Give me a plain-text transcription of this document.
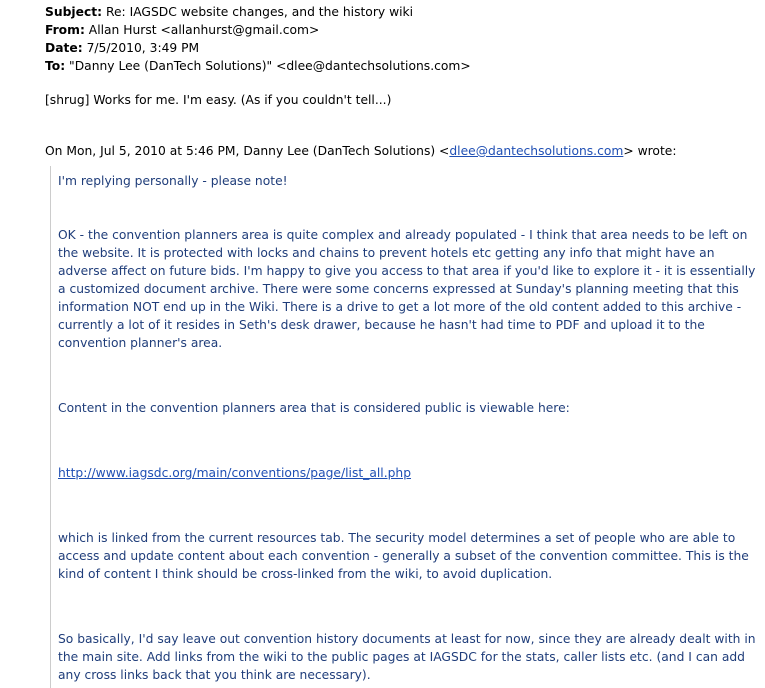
Subject: Re: IAGSDC website changes, and the history wiki
From: Allan Hurst <allanhurst@gmail.com>
Date: 7/5/2010, 3:49 PM
To: "Danny Lee (DanTech Solutions)" <dlee@dantechsolutions.com>
[shrug] Works for me. I'm easy. (As if you couldn't tell...)
On Mon, Jul 5, 2010 at 5:46 PM, Danny Lee (DanTech Solutions) <dlee@dantechsolutions.com> wrote:

I'm replying personally - please note!

OK - the convention planners area is quite complex and already populated - I think that area needs to be left on the website. It is protected with locks and chains to prevent hotels etc getting any info that might have an adverse affect on future bids. I'm happy to give you access to that area if you'd like to explore it - it is essentially a customized document archive. There were some concerns expressed at Sunday's planning meeting that this information NOT end up in the Wiki. There is a drive to get a lot more of the old content added to this archive - currently a lot of it resides in Seth's desk drawer, because he hasn't had time to PDF and upload it to the convention planner's area.

Content in the convention planners area that is considered public is viewable here:

http://www.iagsdc.org/main/conventions/page/list_all.php

which is linked from the current resources tab. The security model determines a set of people who are able to access and update content about each convention - generally a subset of the convention committee. This is the kind of content I think should be cross-linked from the wiki, to avoid duplication.

So basically, I'd say leave out convention history documents at least for now, since they are already dealt with in the main site. Add links from the wiki to the public pages at IAGSDC for the stats, caller lists etc. (and I can add any cross links back that you think are necessary).
